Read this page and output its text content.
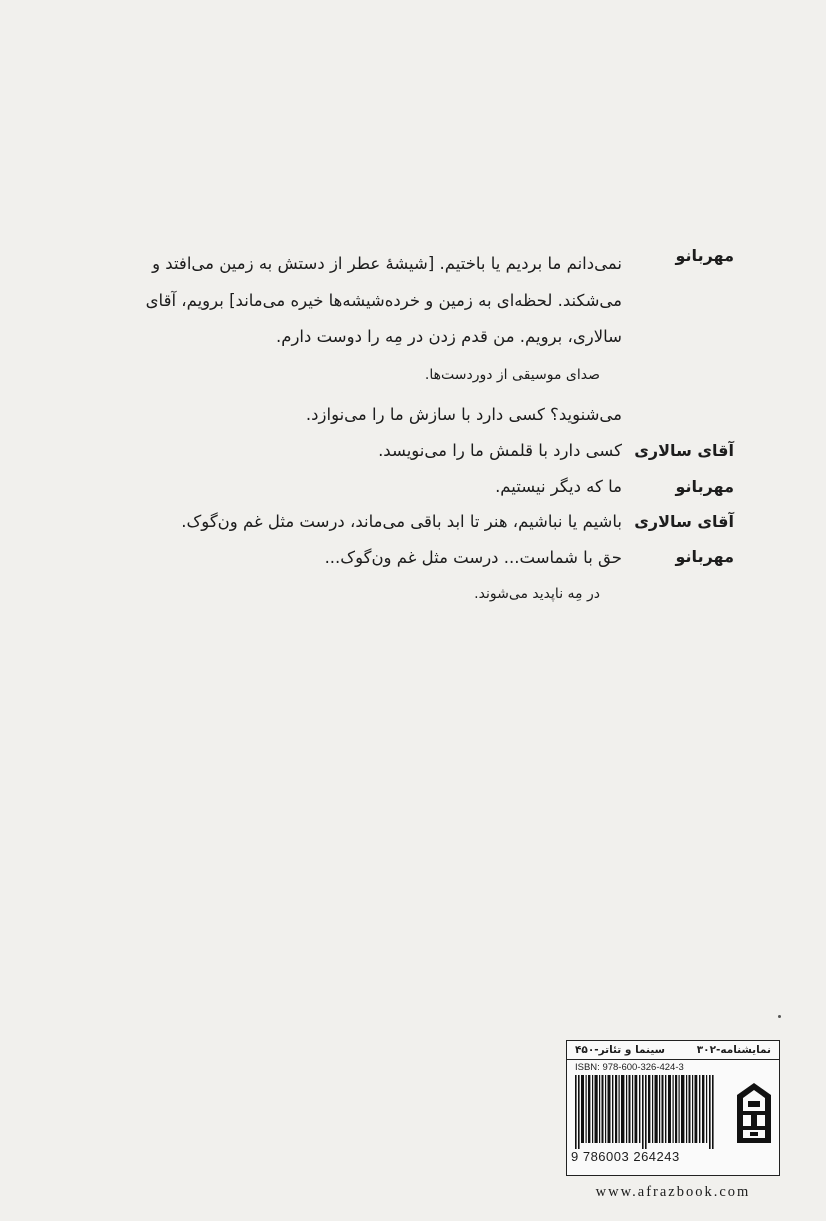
مهربانو
آقای سالاری
مهربانو
آقای سالاری
مهربانو
نمی‌دانم ما بردیم یا باختیم. [شیشهٔ عطر از دستش به زمین می‌افتد و
می‌شکند. لحظه‌ای به زمین و خرده‌شیشه‌ها خیره می‌ماند] برویم، آقای
سالاری، برویم. من قدم زدن در مِه را دوست دارم.
صدای موسیقی از دوردست‌ها.
می‌شنوید؟ کسی دارد با سازش ما را می‌نوازد.
کسی دارد با قلمش ما را می‌نویسد.
ما که دیگر نیستیم.
باشیم یا نباشیم، هنر تا ابد باقی می‌ماند، درست مثل غم ون‌گوک.
حق با شماست... درست مثل غم ون‌گوک...
در مِه ناپدید می‌شوند.
نمایشنامه-۳۰۲
سینما و تئاتر-۴۵۰
ISBN: 978-600-326-424-3
9 786003 264243
www.afrazbook.com
